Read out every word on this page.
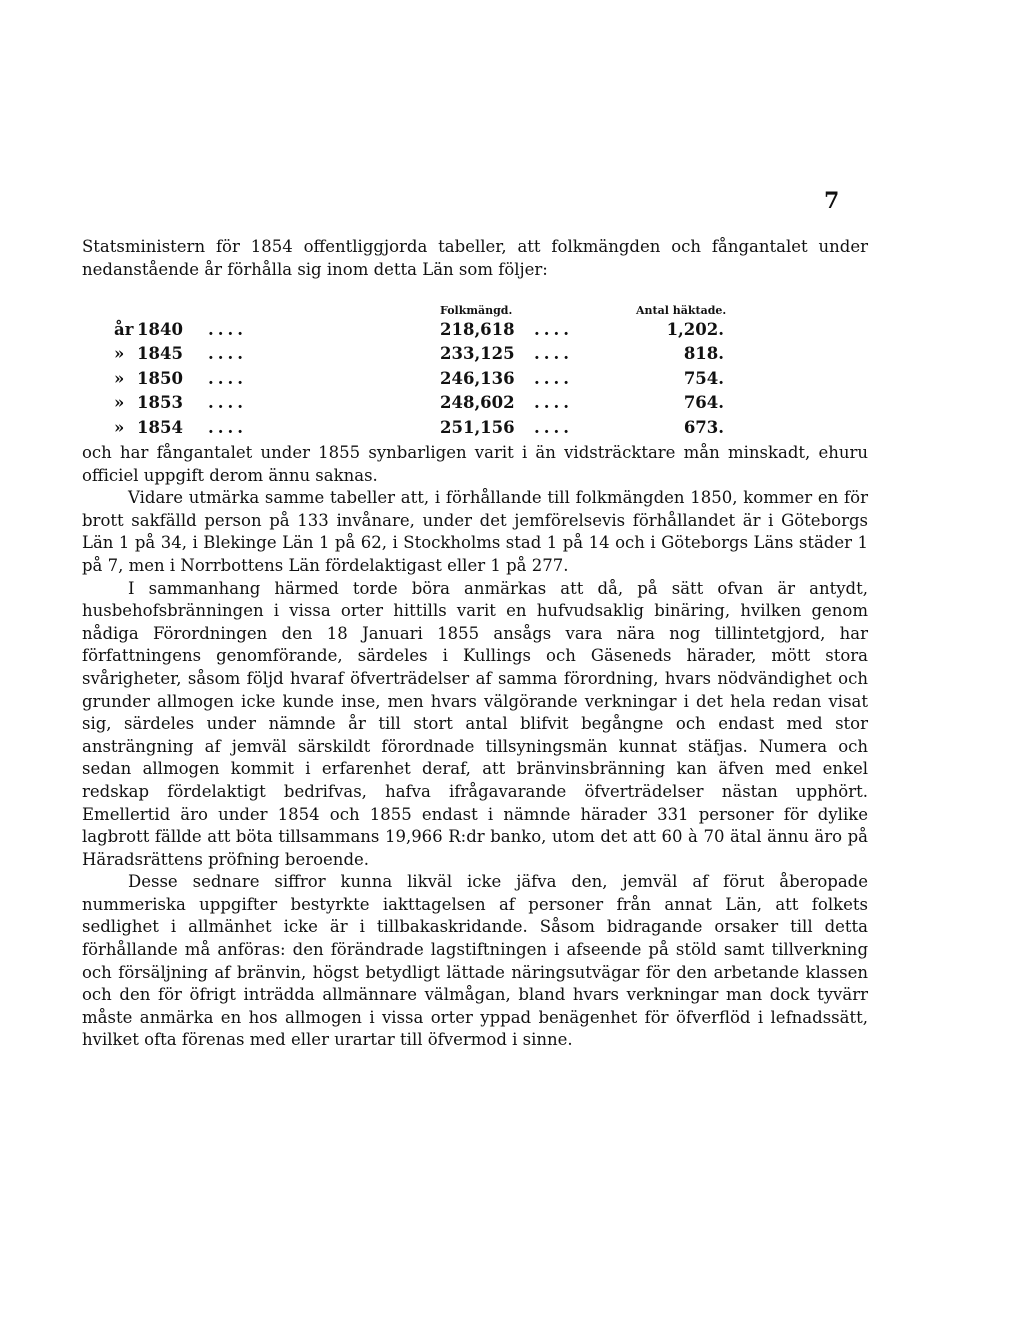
7

Statsministern för 1854 offentliggjorda tabeller, att folkmängden och fångantalet under nedanstående år förhålla sig inom detta Län som följer:

Folkmängd.	Antal häktade.
år 1840 ....	218,618 ....	1,202.
» 1845 ....	233,125 ....	818.
» 1850 ....	246,136 ....	754.
» 1853 ....	248,602 ....	764.
» 1854 ....	251,156 ....	673.

och har fångantalet under 1855 synbarligen varit i än vidsträcktare mån minskadt, ehuru officiel uppgift derom ännu saknas.

Vidare utmärka samme tabeller att, i förhållande till folkmängden 1850, kommer en för brott sakfälld person på 133 invånare, under det jemförelsevis förhållandet är i Göteborgs Län 1 på 34, i Blekinge Län 1 på 62, i Stockholms stad 1 på 14 och i Göteborgs Läns städer 1 på 7, men i Norrbottens Län fördelaktigast eller 1 på 277.

I sammanhang härmed torde böra anmärkas att då, på sätt ofvan är antydt, husbehofsbränningen i vissa orter hittills varit en hufvudsaklig binäring, hvilken genom nådiga Förordningen den 18 Januari 1855 ansågs vara nära nog tillintetgjord, har författningens genomförande, särdeles i Kullings och Gäseneds härader, mött stora svårigheter, såsom följd hvaraf öfverträdelser af samma förordning, hvars nödvändighet och grunder allmogen icke kunde inse, men hvars välgörande verkningar i det hela redan visat sig, särdeles under nämnde år till stort antal blifvit begångne och endast med stor ansträngning af jemväl särskildt förordnade tillsyningsmän kunnat stäfjas. Numera och sedan allmogen kommit i erfarenhet deraf, att bränvinsbränning kan äfven med enkel redskap fördelaktigt bedrifvas, hafva ifrågavarande öfverträdelser nästan upphört. Emellertid äro under 1854 och 1855 endast i nämnde härader 331 personer för dylike lagbrott fällde att böta tillsammans 19,966 R:dr banko, utom det att 60 à 70 ätal ännu äro på Häradsrättens pröfning beroende.

Desse sednare siffror kunna likväl icke jäfva den, jemväl af förut åberopade nummeriska uppgifter bestyrkte iakttagelsen af personer från annat Län, att folkets sedlighet i allmänhet icke är i tillbakaskridande. Såsom bidragande orsaker till detta förhållande må anföras: den förändrade lagstiftningen i afseende på stöld samt tillverkning och försäljning af bränvin, högst betydligt lättade näringsutvägar för den arbetande klassen och den för öfrigt inträdda allmännare välmågan, bland hvars verkningar man dock tyvärr måste anmärka en hos allmogen i vissa orter yppad benägenhet för öfverflöd i lefnadssätt, hvilket ofta förenas med eller urartar till öfvermod i sinne.
